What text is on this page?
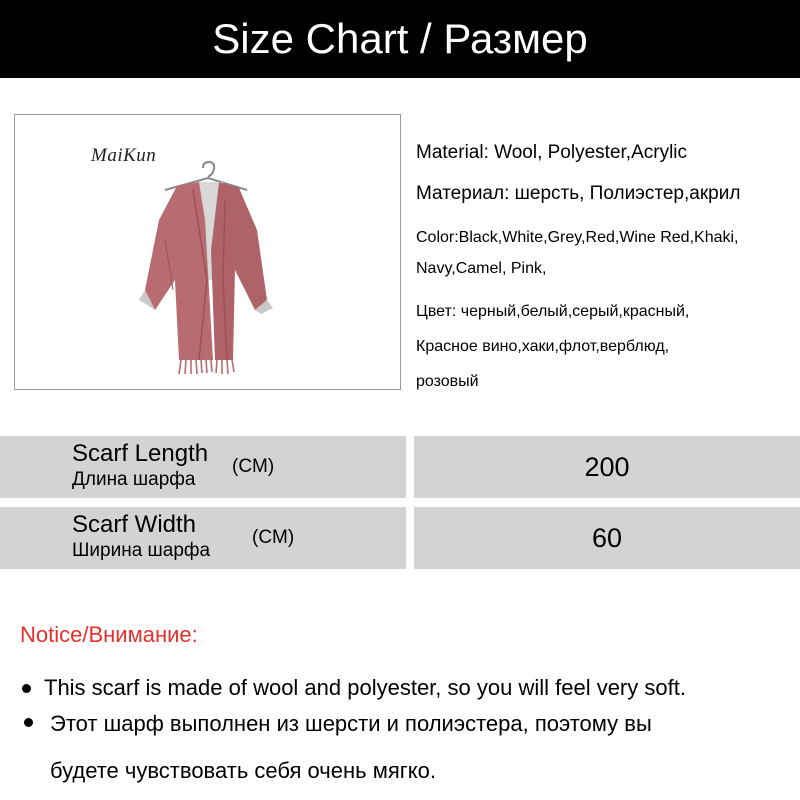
Size Chart / Размер
MaiKun	Material: Wool, Polyester,Acrylic
Материал: шерсть, Полиэстер,акрил
Color:Black,White,Grey,Red,Wine Red,Khaki,
Navy,Camel, Pink,
Цвет: черный,белый,серый,красный,
Красное вино,хаки,флот,верблюд,
розовый
Scarf Length
Длина шарфа
(CM)	200
Scarf Width
Ширина шарфа
(CM)	60
Notice/Внимание:
This scarf is made of wool and polyester, so you will feel very soft.
Этот шарф выполнен из шерсти и полиэстера, поэтому вы
будете чувствовать себя очень мягко.
